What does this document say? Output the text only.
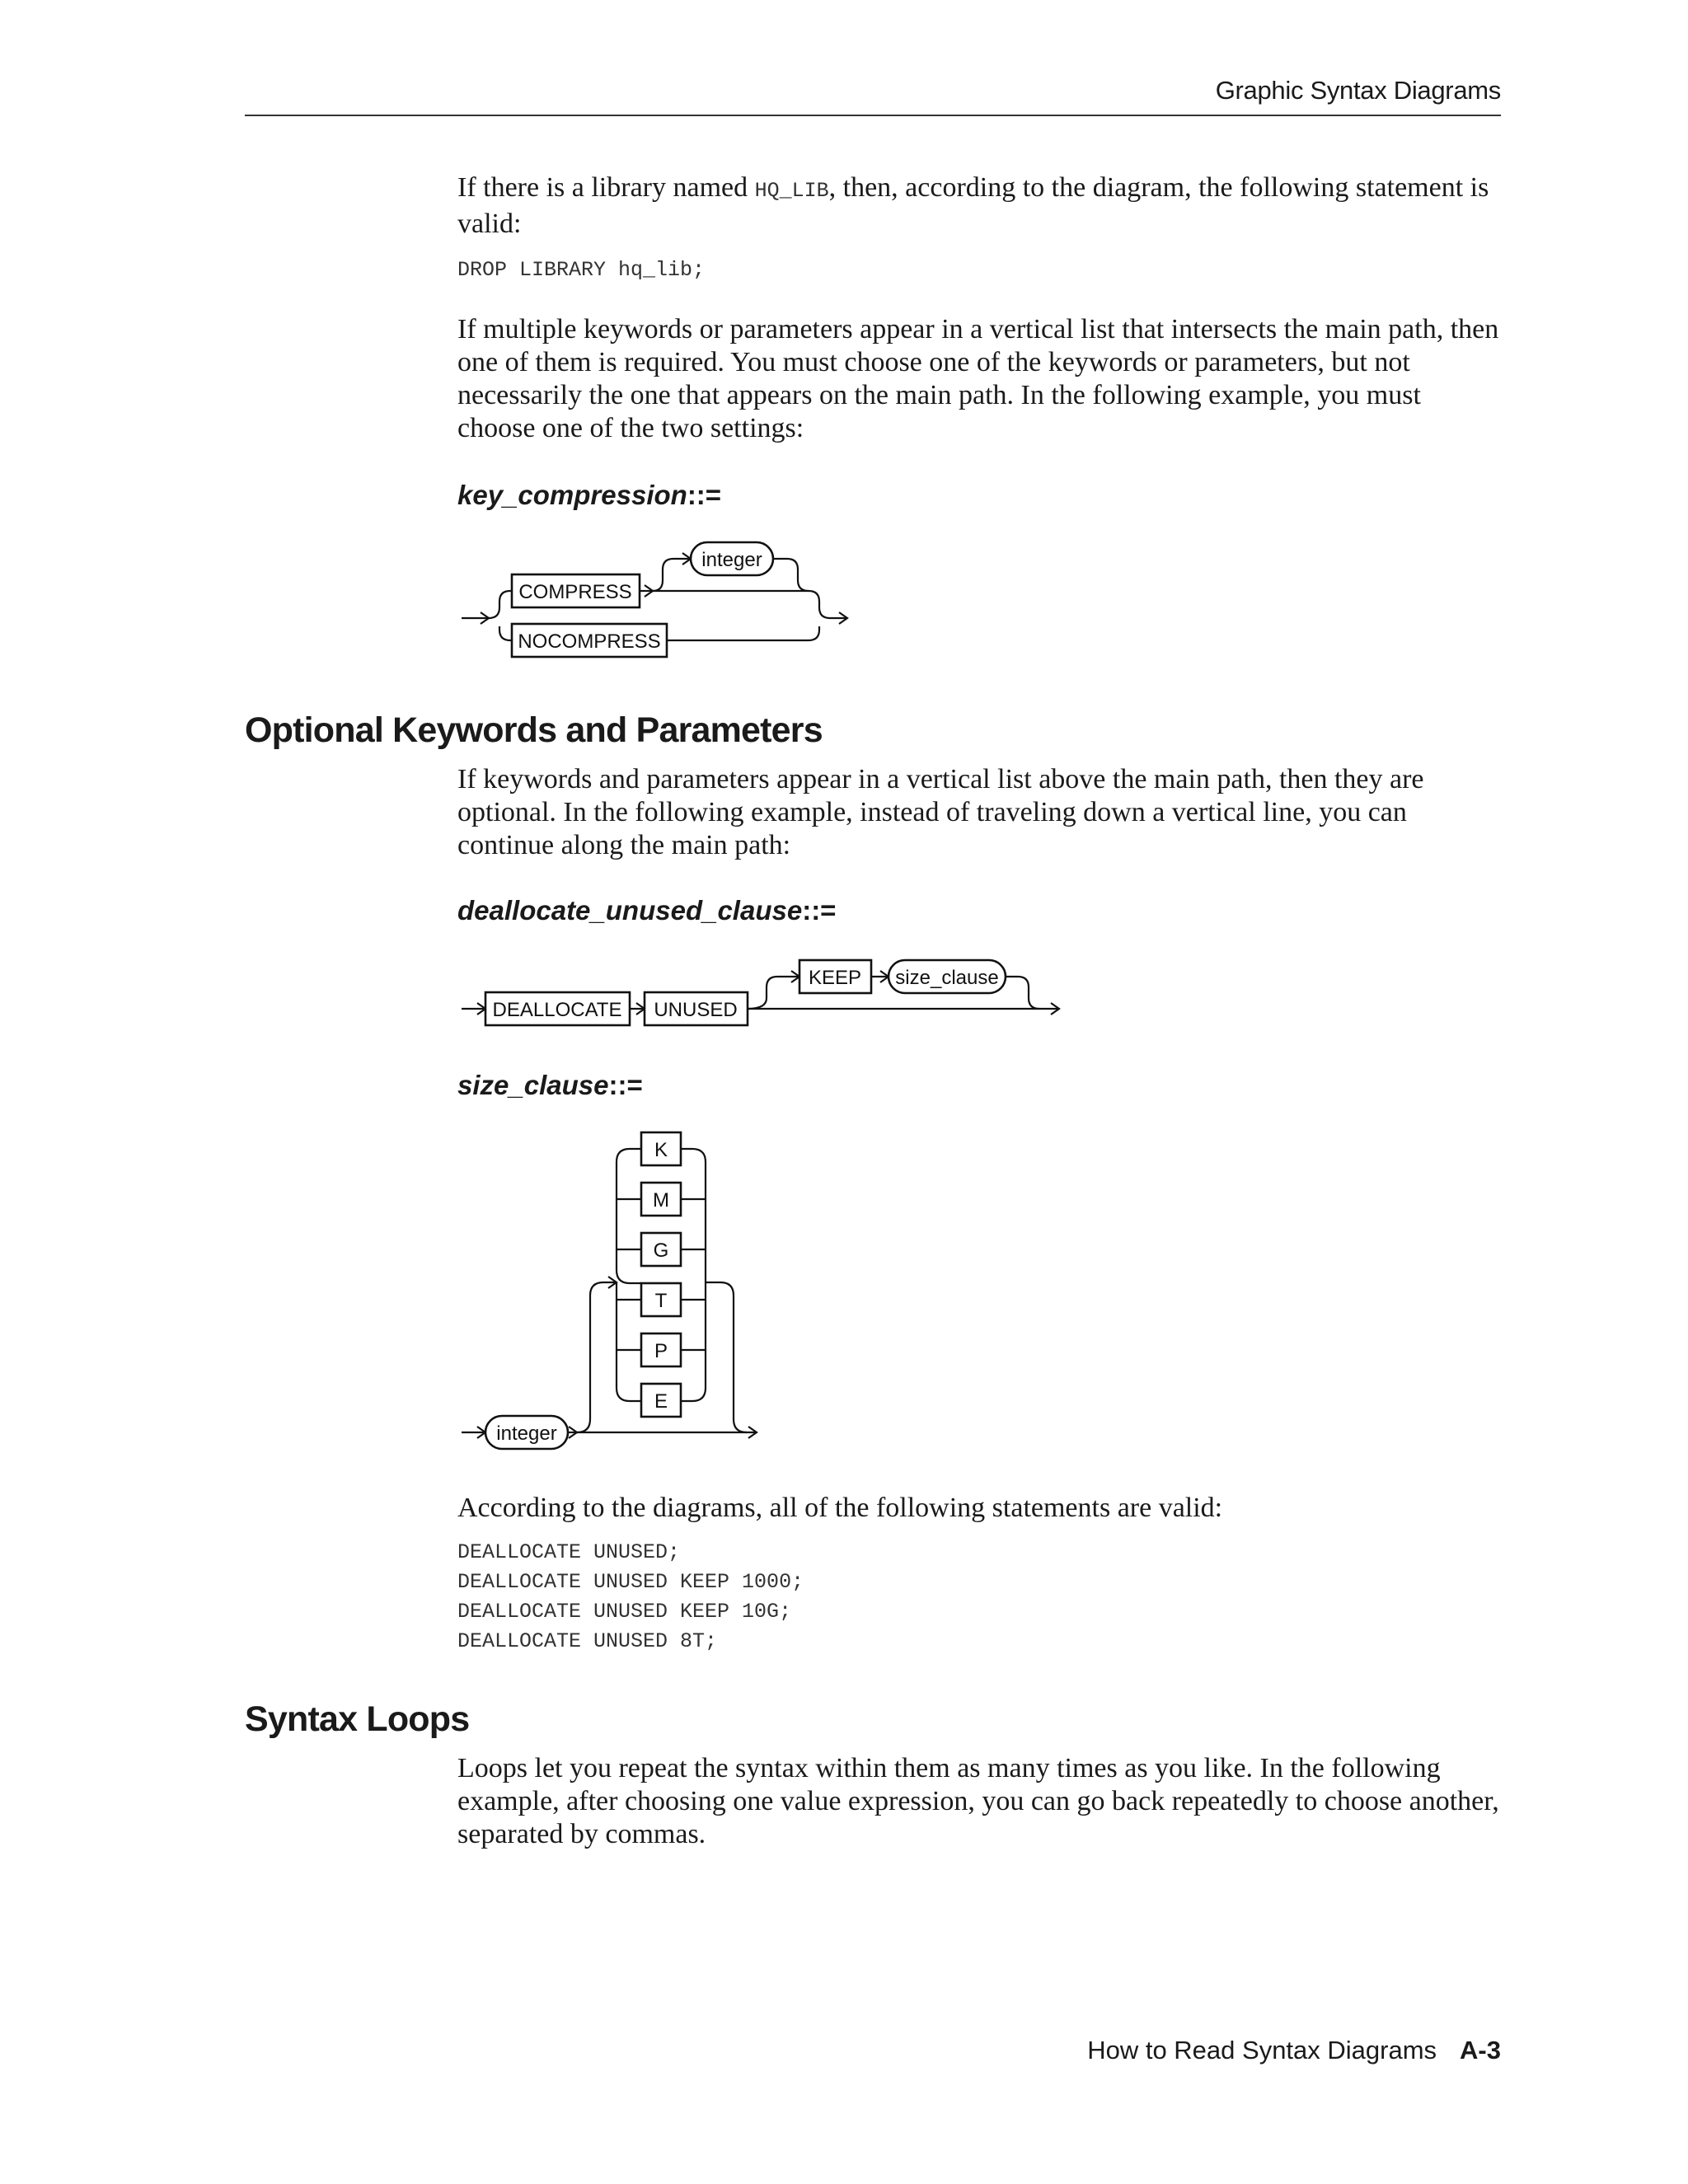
Graphic Syntax Diagrams

If there is a library named HQ_LIB, then, according to the diagram, the following statement is valid:

DROP LIBRARY hq_lib;

If multiple keywords or parameters appear in a vertical list that intersects the main path, then one of them is required. You must choose one of the keywords or parameters, but not necessarily the one that appears on the main path. In the following example, you must choose one of the two settings:

key_compression::=
COMPRESS
integer
NOCOMPRESS
Optional Keywords and Parameters

If keywords and parameters appear in a vertical list above the main path, then they are optional. In the following example, instead of traveling down a vertical line, you can continue along the main path:

deallocate_unused_clause::=
DEALLOCATE UNUSED
KEEP size_clause
size_clause::=
integer
K
M
G
T
P
E

According to the diagrams, all of the following statements are valid:

DEALLOCATE UNUSED;
DEALLOCATE UNUSED KEEP 1000;
DEALLOCATE UNUSED KEEP 10G;
DEALLOCATE UNUSED 8T;
Syntax Loops

Loops let you repeat the syntax within them as many times as you like. In the following example, after choosing one value expression, you can go back repeatedly to choose another, separated by commas.

How to Read Syntax Diagrams A-3
